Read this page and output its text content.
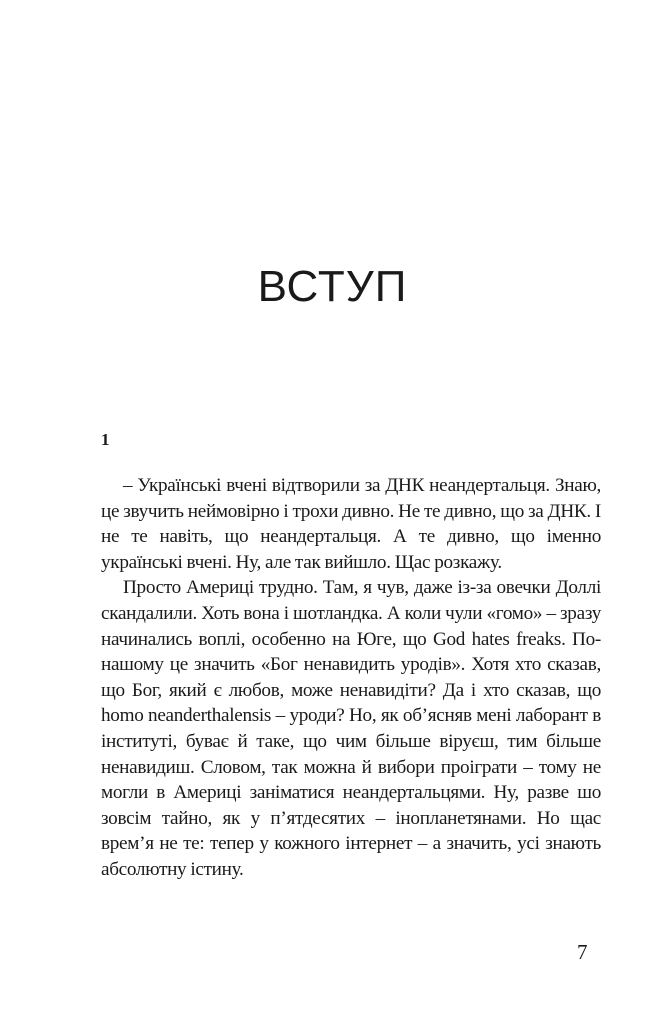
ВСТУП
1

– Українські вчені відтворили за ДНК неандертальця. Знаю, це звучить неймовірно і трохи дивно. Не те дивно, що за ДНК. І не те навіть, що неандертальця. А те дивно, що іменно українські вчені. Ну, але так вийшло. Щас розкажу.

Просто Америці трудно. Там, я чув, даже із-за овечки Доллі скандалили. Хоть вона і шотландка. А коли чули «гомо» – зразу начинались воплі, особенно на Юге, що God hates freaks. По-нашому це значить «Бог ненавидить уродів». Хотя хто сказав, що Бог, який є любов, може ненавидіти? Да і хто сказав, що homo neanderthalensis – уроди? Но, як об’ясняв мені лаборант в інституті, буває й таке, що чим більше віруєш, тим більше ненавидиш. Словом, так можна й вибори проіграти – тому не могли в Америці заніматися неандертальцями. Ну, разве шо зовсім тайно, як у п’ятдесятих – інопланетянами. Но щас врем’я не те: тепер у кожного інтернет – а значить, усі знають абсолютну істину.

7
